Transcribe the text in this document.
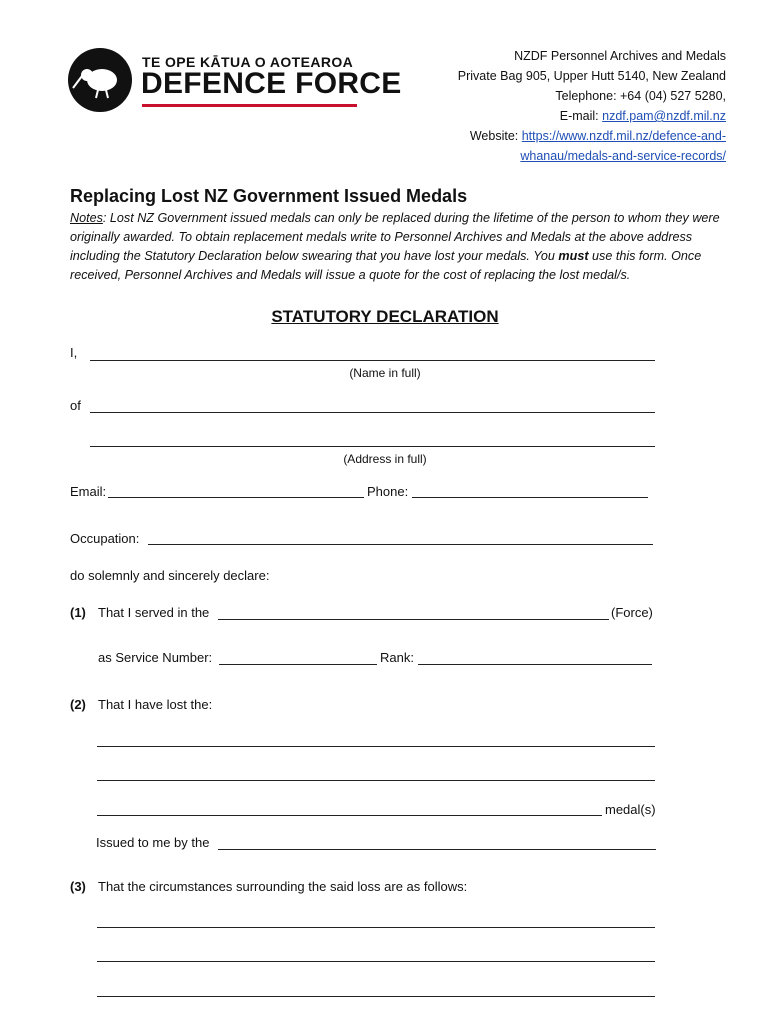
TE OPE KĀTUA O AOTEAROA
DEFENCE FORCE
NZDF Personnel Archives and Medals
Private Bag 905, Upper Hutt 5140, New Zealand
Telephone: +64 (04) 527 5280,
E-mail: nzdf.pam@nzdf.mil.nz
Website: https://www.nzdf.mil.nz/defence-and-
whanau/medals-and-service-records/
Replacing Lost NZ Government Issued Medals
Notes: Lost NZ Government issued medals can only be replaced during the lifetime of the person to whom they were originally awarded. To obtain replacement medals write to Personnel Archives and Medals at the above address including the Statutory Declaration below swearing that you have lost your medals. You must use this form. Once received, Personnel Archives and Medals will issue a quote for the cost of replacing the lost medal/s.
STATUTORY DECLARATION
I,
(Name in full)
of
(Address in full)
Email:	Phone:
Occupation:
do solemnly and sincerely declare:
(1) That I served in the	(Force)
as Service Number:	Rank:
(2) That I have lost the:
medal(s)
Issued to me by the
(3) That the circumstances surrounding the said loss are as follows:
